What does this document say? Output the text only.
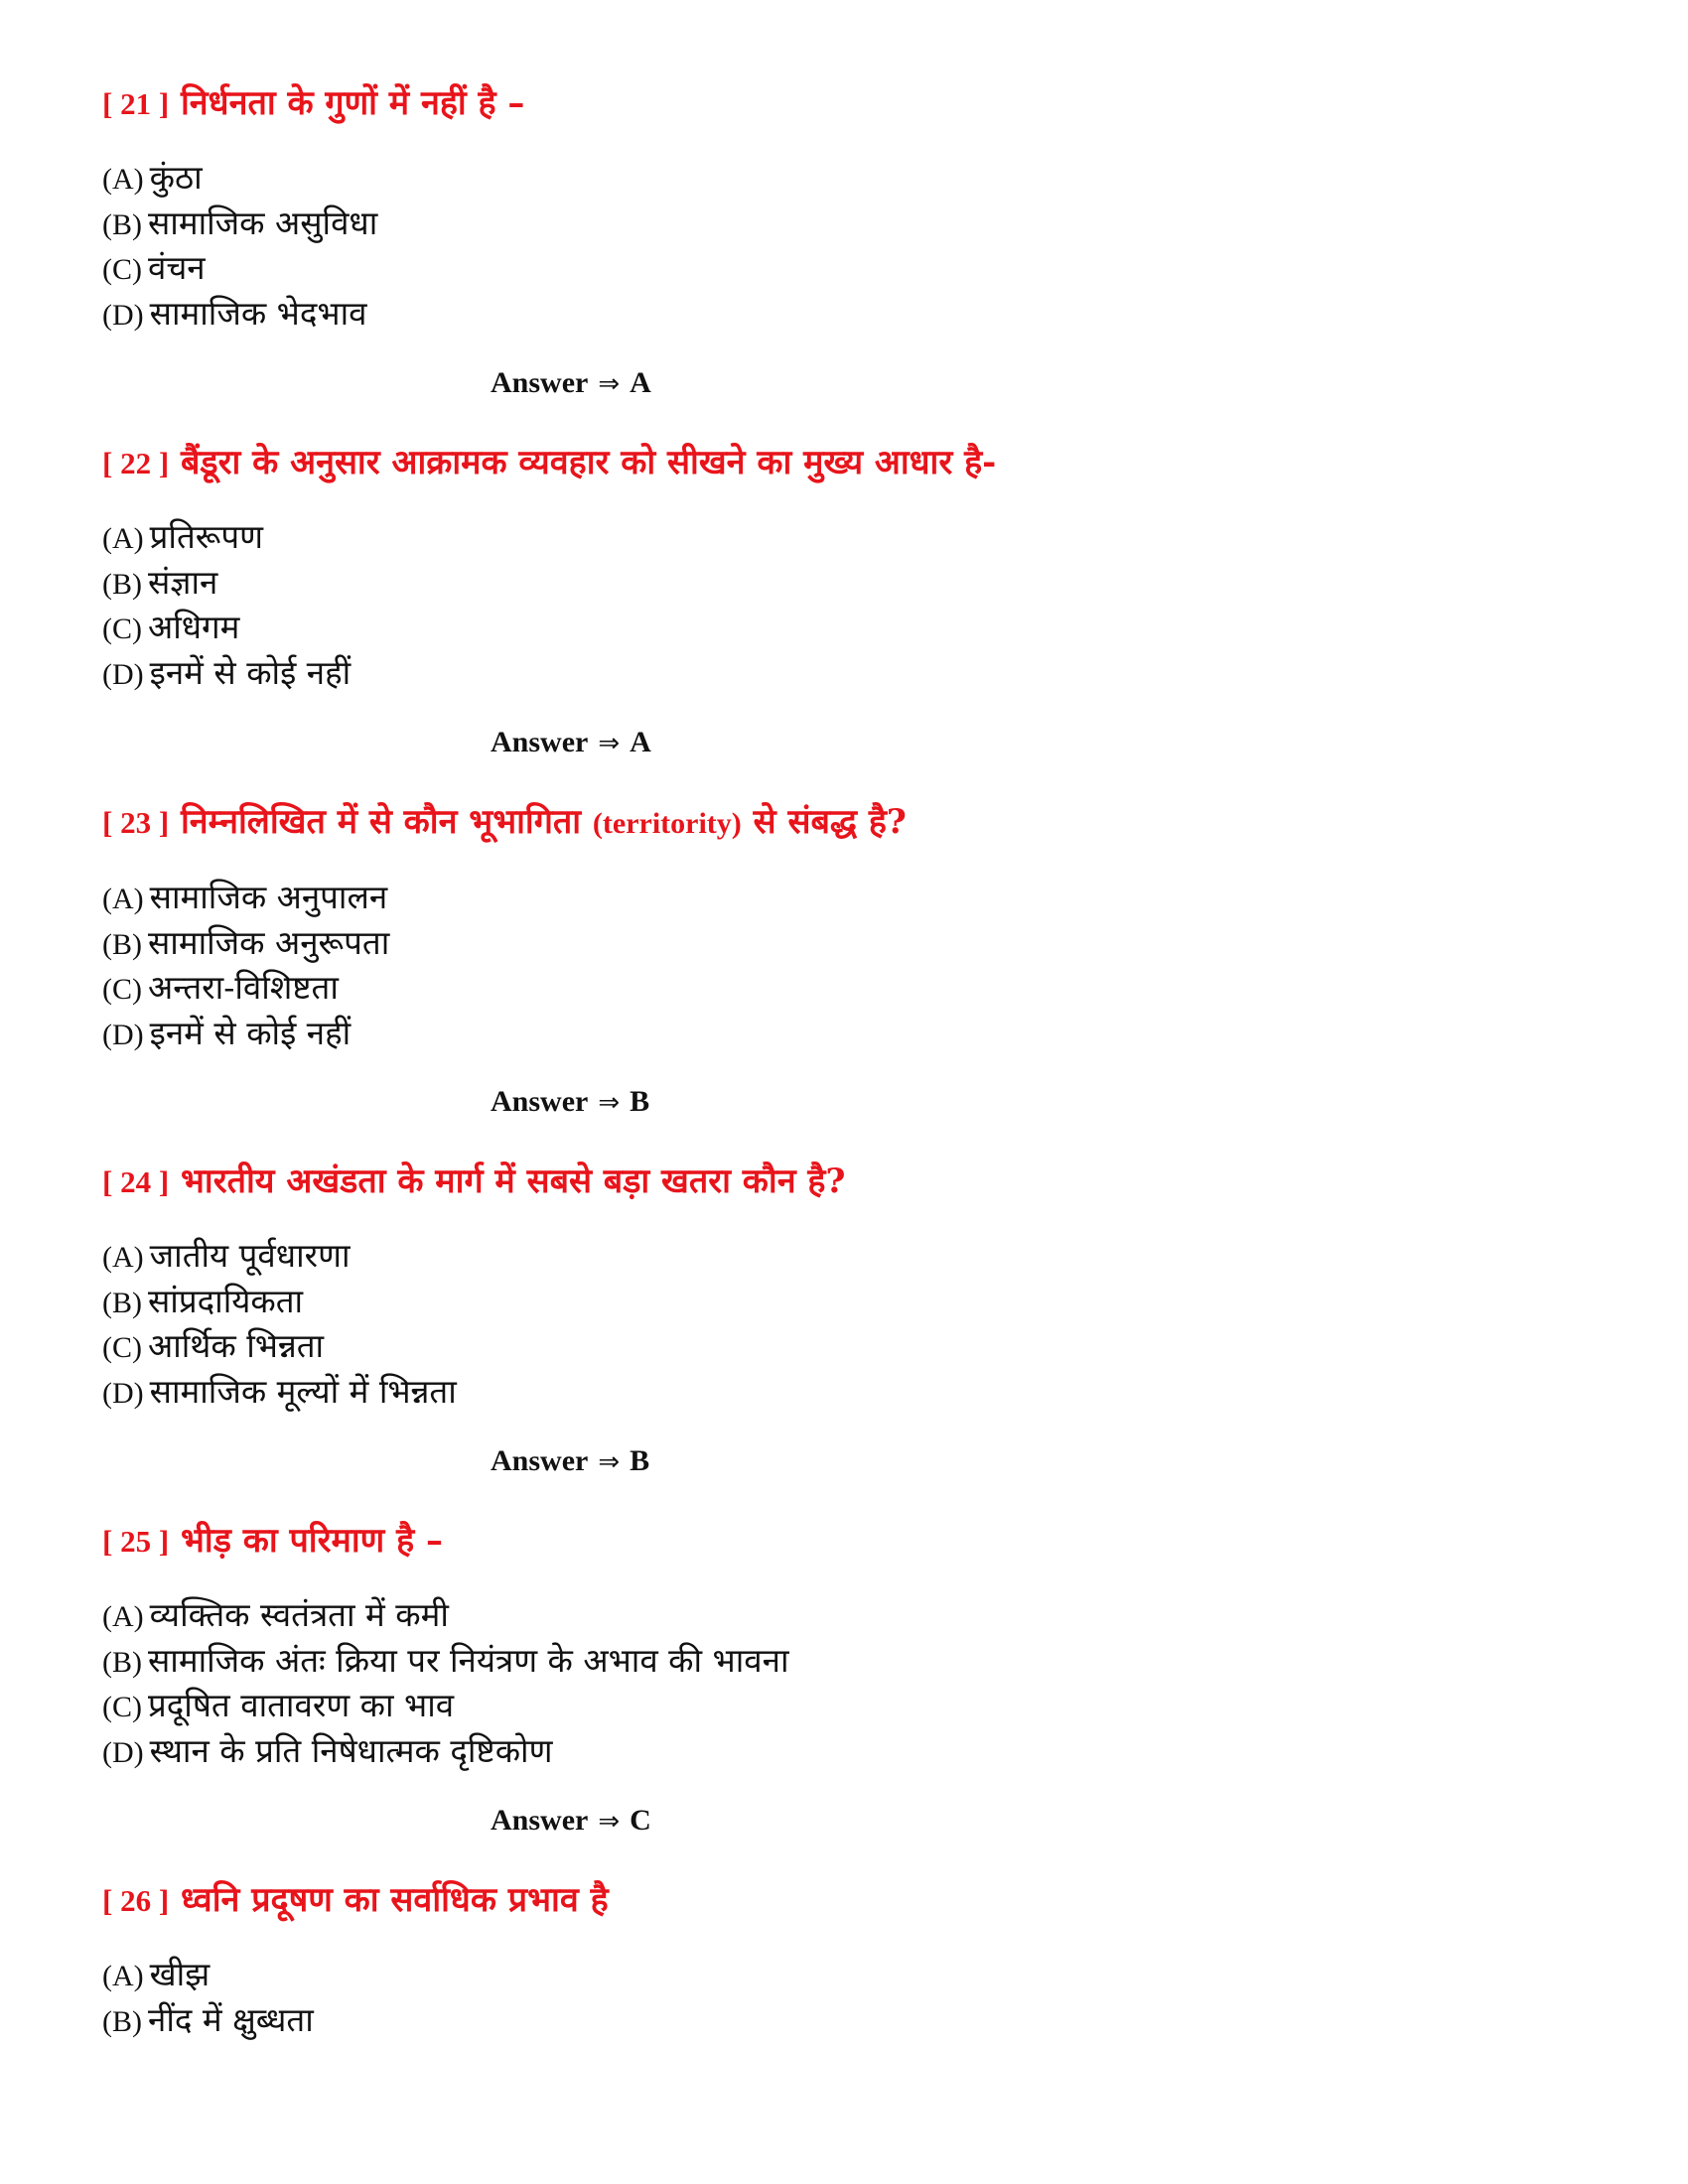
[ 21 ] निर्धनता के गुणों में नहीं है –
(A) कुंठा
(B) सामाजिक असुविधा
(C) वंचन
(D) सामाजिक भेदभाव
Answer ⇒ A
[ 22 ] बैंडूरा के अनुसार आक्रामक व्यवहार को सीखने का मुख्य आधार है-
(A) प्रतिरूपण
(B) संज्ञान
(C) अधिगम
(D) इनमें से कोई नहीं
Answer ⇒ A
[ 23 ] निम्नलिखित में से कौन भूभागिता (territority) से संबद्ध है?
(A) सामाजिक अनुपालन
(B) सामाजिक अनुरूपता
(C) अन्तरा-विशिष्टता
(D) इनमें से कोई नहीं
Answer ⇒ B
[ 24 ] भारतीय अखंडता के मार्ग में सबसे बड़ा खतरा कौन है?
(A) जातीय पूर्वधारणा
(B) सांप्रदायिकता
(C) आर्थिक भिन्नता
(D) सामाजिक मूल्यों में भिन्नता
Answer ⇒ B
[ 25 ] भीड़ का परिमाण है –
(A) व्यक्तिक स्वतंत्रता में कमी
(B) सामाजिक अंतः क्रिया पर नियंत्रण के अभाव की भावना
(C) प्रदूषित वातावरण का भाव
(D) स्थान के प्रति निषेधात्मक दृष्टिकोण
Answer ⇒ C
[ 26 ] ध्वनि प्रदूषण का सर्वाधिक प्रभाव है
(A) खीझ
(B) नींद में क्षुब्धता
